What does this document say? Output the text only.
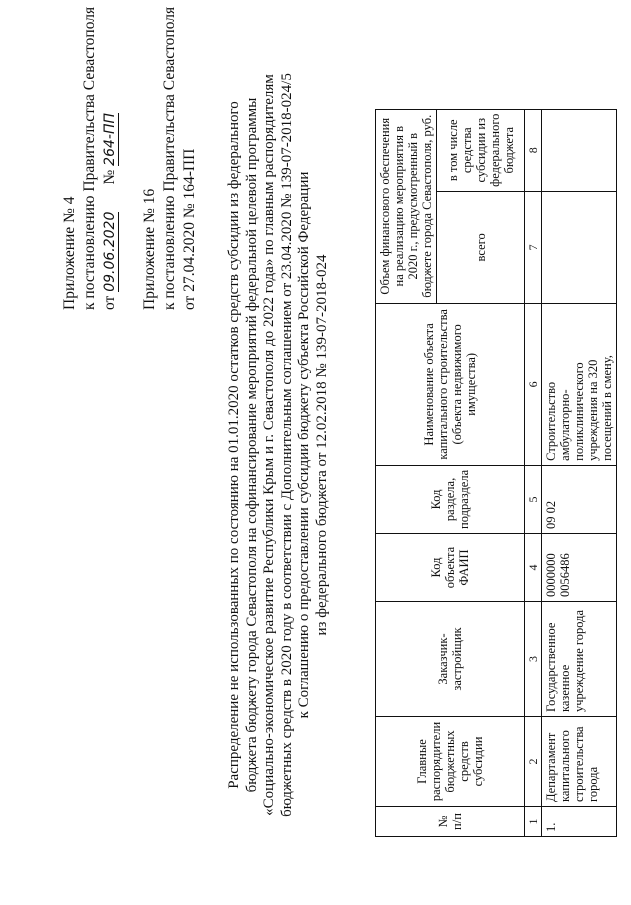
Приложение № 4 к постановлению Правительства Севастополя от 09.06.2020       № 264-ПП
Приложение № 16 к постановлению Правительства Севастополя от 27.04.2020 № 164-ПП Распределение не использованных по состоянию на 01.01.2020 остатков средств субсидии из федерального бюджета бюджету города Севастополя на софинансирование мероприятий федеральной целевой программы «Социально-экономическое развитие Республики Крым и г. Севастополя до 2022 года» по главным распорядителям бюджетных средств в 2020 году в соответствии с Дополнительным соглашением от 23.04.2020 № 139-07-2018-024/5 к Соглашению о предоставлении субсидии бюджету субъекта Российской Федерации из федерального бюджета от 12.02.2018 № 139-07-2018-024
№ п/п	Главные распорядители бюджетных средств субсидии	Заказчик-застройщик	Код объекта ФАИП	Код раздела, подраздела	Наименование объекта капитального строительства (объекта недвижимого имущества)	Объем финансового обеспечения на реализацию мероприятия в 2020 г., предусмотренный в бюджете города Севастополя, руб.	
						всего	в том числе средства субсидии из федерального бюджета
1	2	3	4	5	6	7	8
1.	Департамент капитального строительства города	Государственное казенное учреждение города	0000000 0056486	09 02	Строительство амбулаторно-поликлинического учреждения на 320 посещений в смену,		
